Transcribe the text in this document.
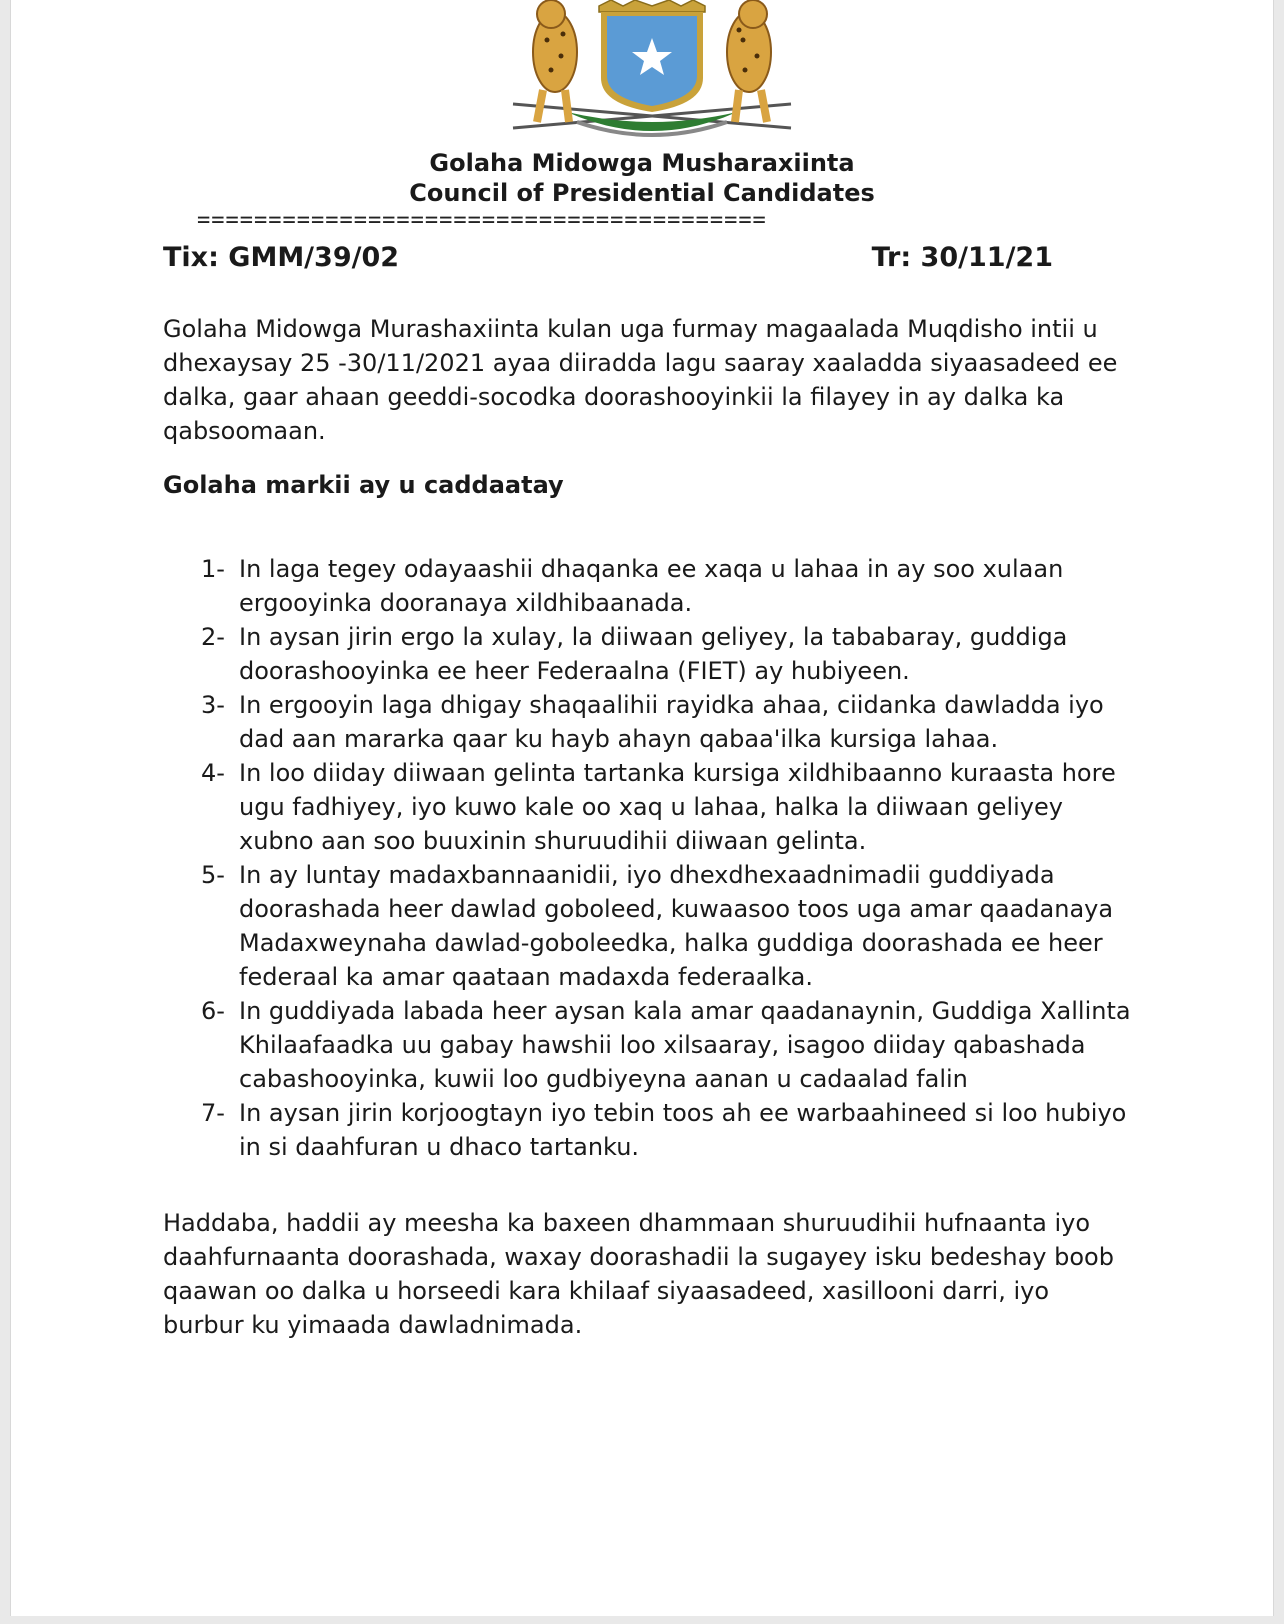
Golaha Midowga Musharaxiinta
Council of Presidential Candidates
========================================
Tix: GMM/39/02	Tr: 30/11/21
Golaha Midowga Murashaxiinta kulan uga furmay magaalada Muqdisho intii u dhexaysay 25 -30/11/2021 ayaa diiradda lagu saaray xaaladda siyaasadeed ee dalka, gaar ahaan geeddi-socodka doorashooyinkii la filayey in ay dalka ka qabsoomaan.
Golaha markii ay u caddaatay
1- In laga tegey odayaashii dhaqanka ee xaqa u lahaa in ay soo xulaan ergooyinka dooranaya xildhibaanada.
2- In aysan jirin ergo la xulay, la diiwaan geliyey, la tababaray, guddiga doorashooyinka ee heer Federaalna (FIET) ay hubiyeen.
3- In ergooyin laga dhigay shaqaalihii rayidka ahaa, ciidanka dawladda iyo dad aan mararka qaar ku hayb ahayn qabaa'ilka kursiga lahaa.
4- In loo diiday diiwaan gelinta tartanka kursiga xildhibaanno kuraasta hore ugu fadhiyey, iyo kuwo kale oo xaq u lahaa, halka la diiwaan geliyey xubno aan soo buuxinin shuruudihii diiwaan gelinta.
5- In ay luntay madaxbannaanidii, iyo dhexdhexaadnimadii guddiyada doorashada heer dawlad goboleed, kuwaasoo toos uga amar qaadanaya Madaxweynaha dawlad-goboleedka, halka guddiga doorashada ee heer federaal ka amar qaataan madaxda federaalka.
6- In guddiyada labada heer aysan kala amar qaadanaynin, Guddiga Xallinta Khilaafaadka uu gabay hawshii loo xilsaaray, isagoo diiday qabashada cabashooyinka, kuwii loo gudbiyeyna aanan u cadaalad falin
7- In aysan jirin korjoogtayn iyo tebin toos ah ee warbaahineed si loo hubiyo in si daahfuran u dhaco tartanku.
Haddaba, haddii ay meesha ka baxeen dhammaan shuruudihii hufnaanta iyo daahfurnaanta doorashada, waxay doorashadii la sugayey isku bedeshay boob qaawan oo dalka u horseedi kara khilaaf siyaasadeed, xasillooni darri, iyo burbur ku yimaada dawladnimada.
